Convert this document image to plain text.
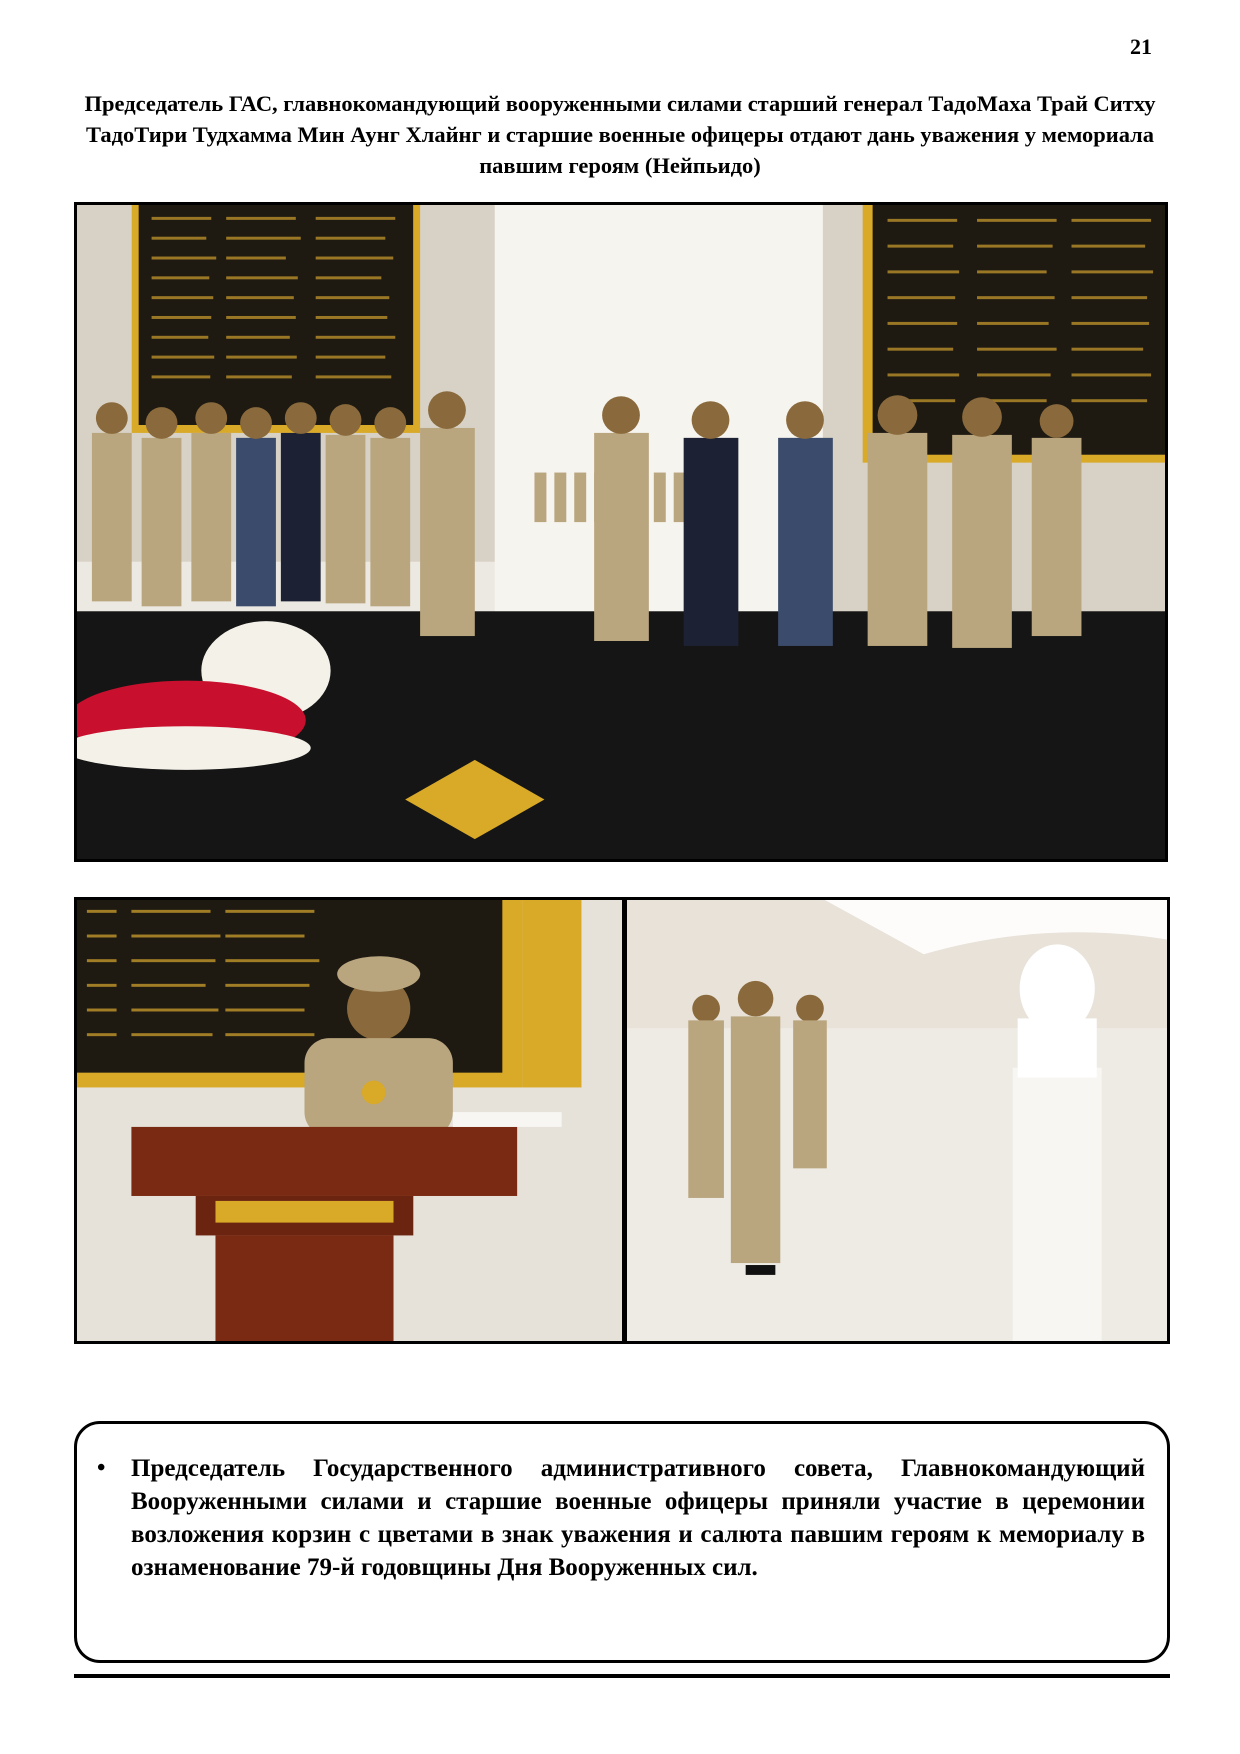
21
Председатель ГАС, главнокомандующий вооруженными силами старший генерал ТадоМаха Трай Ситху ТадоТири Тудхамма Мин Аунг Хлайнг и старшие военные офицеры отдают дань уважения у мемориала павшим героям (Нейпьидо)
• Председатель Государственного административного совета, Главнокомандующий Вооруженными силами и старшие военные офицеры приняли участие в церемонии возложения корзин с цветами в знак уважения и салюта павшим героям к мемориалу в ознаменование 79-й годовщины Дня Вооруженных сил.
